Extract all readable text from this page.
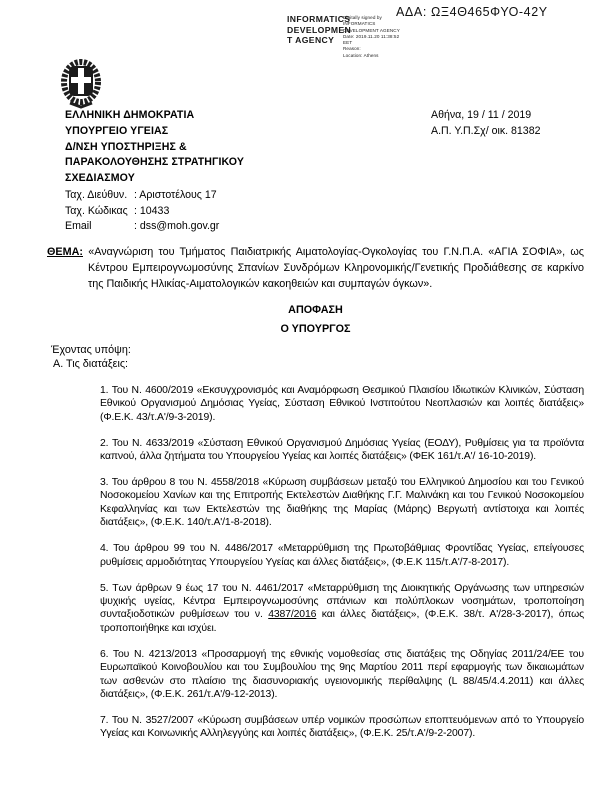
ΑΔΑ: ΩΞ4Θ465ΦΥΟ-42Υ
INFORMATICS
DEVELOPMEN
T AGENCY
Digitally signed by
INFORMATICS
DEVELOPMENT AGENCY
Date: 2019.11.20 11:38:52
EET
Reason:
Location: Athens
ΕΛΛΗΝΙΚΗ ΔΗΜΟΚΡΑΤΙΑ
ΥΠΟΥΡΓΕΙΟ ΥΓΕΙΑΣ
Δ/ΝΣΗ ΥΠΟΣΤΗΡΙΞΗΣ &
ΠΑΡΑΚΟΛΟΥΘΗΣΗΣ ΣΤΡΑΤΗΓΙΚΟΥ
ΣΧΕΔΙΑΣΜΟΥ
Αθήνα, 19 / 11 / 2019
Α.Π. Υ.Π.Σχ/ οικ. 81382
Ταχ. Διεύθυν. : Αριστοτέλους 17
Ταχ. Κώδικας : 10433
Email	: dss@moh.gov.gr

ΘΕΜΑ: «Αναγνώριση του Τμήματος Παιδιατρικής Αιματολογίας-Ογκολογίας του Γ.Ν.Π.Α. «ΑΓΙΑ ΣΟΦΙΑ», ως Κέντρου Εμπειρογνωμοσύνης Σπανίων Συνδρόμων Κληρονομικής/Γενετικής Προδιάθεσης σε καρκίνο της Παιδικής Ηλικίας-Αιματολογικών κακοηθειών και συμπαγών όγκων».

ΑΠΟΦΑΣΗ
Ο ΥΠΟΥΡΓΟΣ
Έχοντας υπόψη:
Α. Τις διατάξεις:

1. Του Ν. 4600/2019 «Εκσυγχρονισμός και Αναμόρφωση Θεσμικού Πλαισίου Ιδιωτικών Κλινικών, Σύσταση Εθνικού Οργανισμού Δημόσιας Υγείας, Σύσταση Εθνικού Ινστιτούτου Νεοπλασιών και λοιπές διατάξεις» (Φ.Ε.Κ. 43/τ.Α'/9-3-2019).

2. Του Ν. 4633/2019 «Σύσταση Εθνικού Οργανισμού Δημόσιας Υγείας (ΕΟΔΥ), Ρυθμίσεις για τα προϊόντα καπνού, άλλα ζητήματα του Υπουργείου Υγείας και λοιπές διατάξεις» (ΦΕΚ 161/τ.Α'/ 16-10-2019).

3. Του άρθρου 8 του Ν. 4558/2018 «Κύρωση συμβάσεων μεταξύ του Ελληνικού Δημοσίου και του Γενικού Νοσοκομείου Χανίων και της Επιτροπής Εκτελεστών Διαθήκης Γ.Γ. Μαλινάκη και του Γενικού Νοσοκομείου Κεφαλληνίας και των Εκτελεστών της διαθήκης της Μαρίας (Μάρης) Βεργωτή αντίστοιχα και λοιπές διατάξεις», (Φ.Ε.Κ. 140/τ.Α'/1-8-2018).

4. Του άρθρου 99 του Ν. 4486/2017 «Μεταρρύθμιση της Πρωτοβάθμιας Φροντίδας Υγείας, επείγουσες ρυθμίσεις αρμοδιότητας Υπουργείου Υγείας και άλλες διατάξεις», (Φ.Ε.Κ 115/τ.Α'/7-8-2017).

5. Των άρθρων 9 έως 17 του Ν. 4461/2017 «Μεταρρύθμιση της Διοικητικής Οργάνωσης των υπηρεσιών ψυχικής υγείας, Κέντρα Εμπειρογνωμοσύνης σπάνιων και πολύπλοκων νοσημάτων, τροποποίηση συνταξιοδοτικών ρυθμίσεων του ν. 4387/2016 και άλλες διατάξεις», (Φ.Ε.Κ. 38/τ. Α'/28-3-2017), όπως τροποποιήθηκε και ισχύει.

6. Του Ν. 4213/2013 «Προσαρμογή της εθνικής νομοθεσίας στις διατάξεις της Οδηγίας 2011/24/ΕΕ του Ευρωπαϊκού Κοινοβουλίου και του Συμβουλίου της 9ης Μαρτίου 2011 περί εφαρμογής των δικαιωμάτων των ασθενών στο πλαίσιο της διασυνοριακής υγειονομικής περίθαλψης (L 88/45/4.4.2011) και άλλες διατάξεις», (Φ.Ε.Κ. 261/τ.Α'/9-12-2013).

7. Του Ν. 3527/2007 «Κύρωση συμβάσεων υπέρ νομικών προσώπων εποπτευόμενων από το Υπουργείο Υγείας και Κοινωνικής Αλληλεγγύης και λοιπές διατάξεις», (Φ.Ε.Κ. 25/τ.Α'/9-2-2007).
